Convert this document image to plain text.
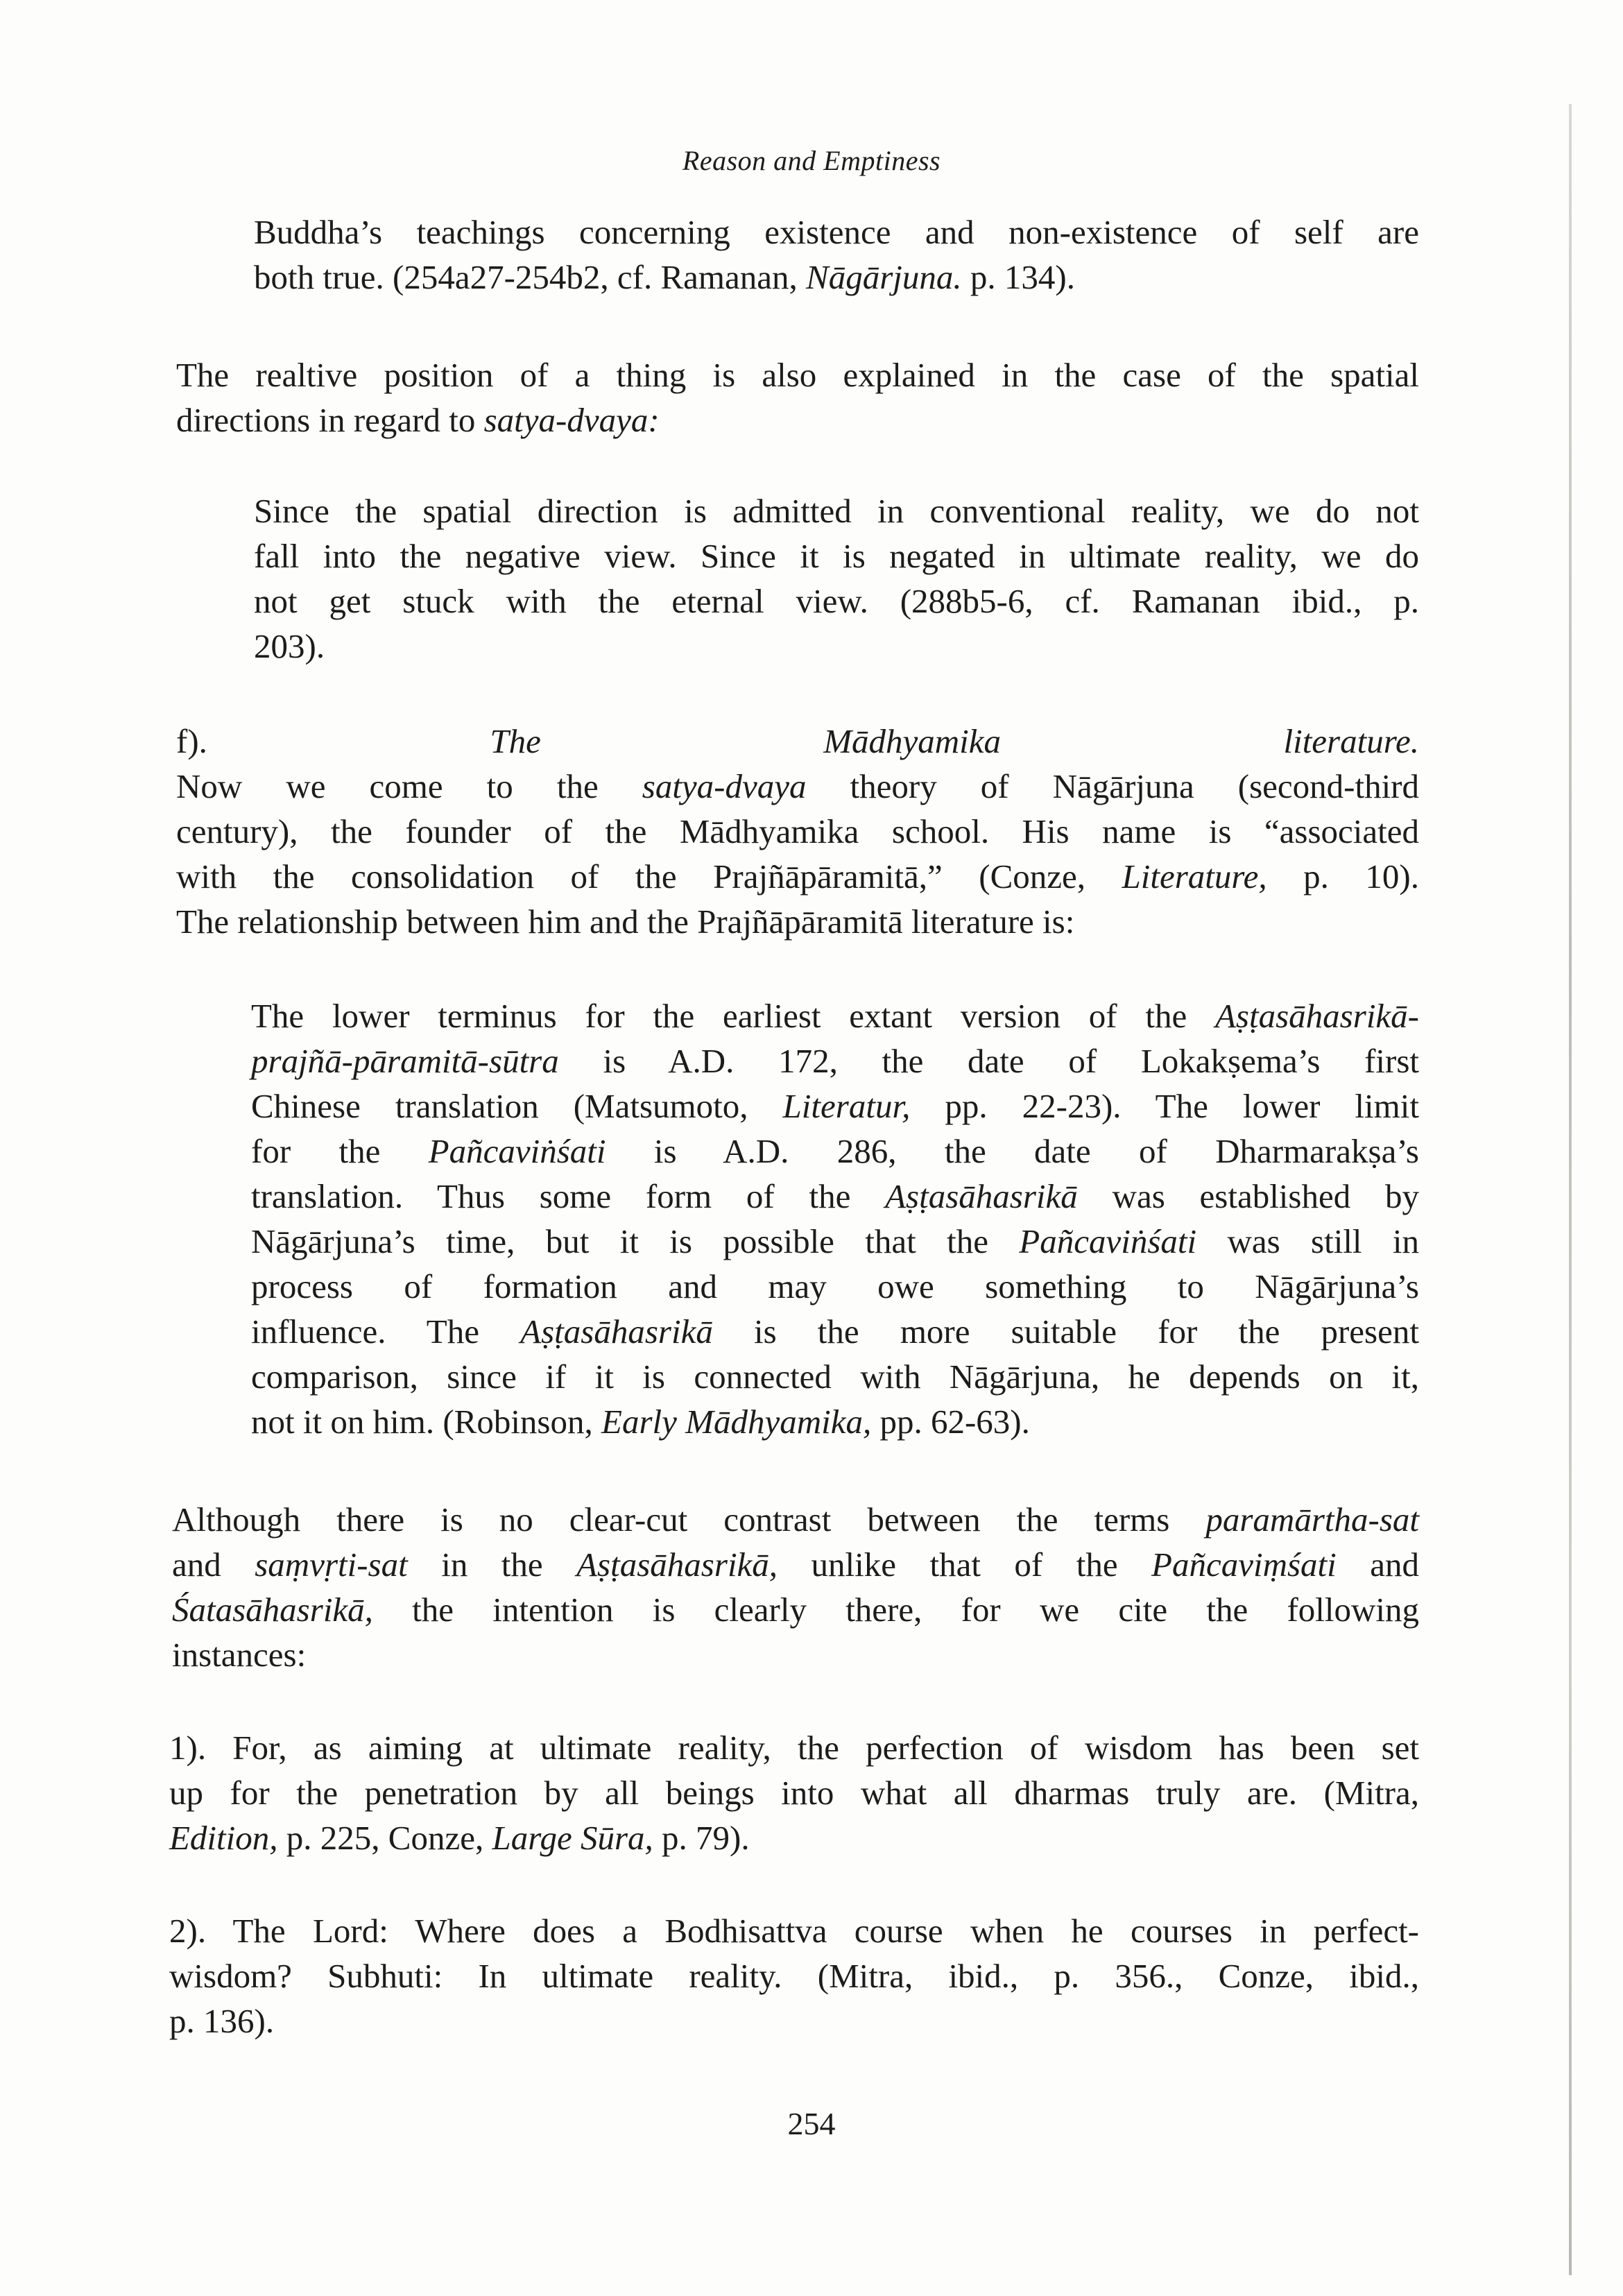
Reason and Emptiness
Buddha’s teachings concerning existence and non-existence of self are
both true. (254a27-254b2, cf. Ramanan, Nāgārjuna. p. 134).
The realtive position of a thing is also explained in the case of the spatial
directions in regard to satya-dvaya:
Since the spatial direction is admitted in conventional reality, we do not
fall into the negative view. Since it is negated in ultimate reality, we do
not get stuck with the eternal view. (288b5-6, cf. Ramanan ibid., p.
203).
f). The Mādhyamika literature.
Now we come to the satya-dvaya theory of Nāgārjuna (second-third
century), the founder of the Mādhyamika school. His name is “associated
with the consolidation of the Prajñāpāramitā,” (Conze, Literature, p. 10).
The relationship between him and the Prajñāpāramitā literature is:
The lower terminus for the earliest extant version of the Aṣṭasāhasrikā-
prajñā-pāramitā-sūtra is A.D. 172, the date of Lokakṣema’s first
Chinese translation (Matsumoto, Literatur, pp. 22-23). The lower limit
for the Pañcaviṅśati is A.D. 286, the date of Dharmarakṣa’s
translation. Thus some form of the Aṣṭasāhasrikā was established by
Nāgārjuna’s time, but it is possible that the Pañcaviṅśati was still in
process of formation and may owe something to Nāgārjuna’s
influence. The Aṣṭasāhasrikā is the more suitable for the present
comparison, since if it is connected with Nāgārjuna, he depends on it,
not it on him. (Robinson, Early Mādhyamika, pp. 62-63).
Although there is no clear-cut contrast between the terms paramārtha-sat
and saṃvṛti-sat in the Aṣṭasāhasrikā, unlike that of the Pañcaviṃśati and
Śatasāhasrikā, the intention is clearly there, for we cite the following
instances:
1). For, as aiming at ultimate reality, the perfection of wisdom has been set
up for the penetration by all beings into what all dharmas truly are. (Mitra,
Edition, p. 225, Conze, Large Sūra, p. 79).
2). The Lord: Where does a Bodhisattva course when he courses in perfect-
wisdom? Subhuti: In ultimate reality. (Mitra, ibid., p. 356., Conze, ibid.,
p. 136).
254
